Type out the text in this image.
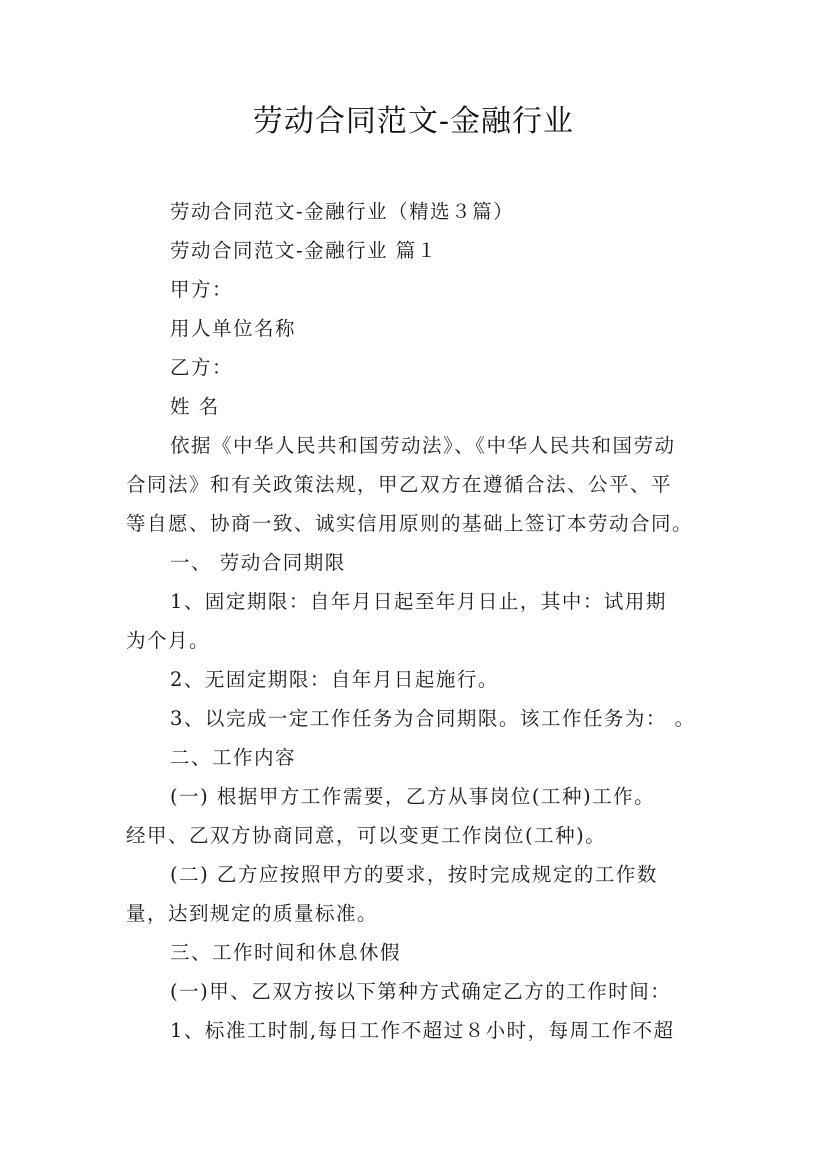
劳动合同范文-金融行业
劳动合同范文-金融行业（精选３篇）
劳动合同范文-金融行业 篇１
甲方：
用人单位名称
乙方：
姓 名
依据《中华人民共和国劳动法》、《中华人民共和国劳动
合同法》和有关政策法规，甲乙双方在遵循合法、公平、平
等自愿、协商一致、诚实信用原则的基础上签订本劳动合同。
一、 劳动合同期限
1、固定期限：自年月日起至年月日止，其中：试用期
为个月。
2、无固定期限：自年月日起施行。
3、以完成一定工作任务为合同期限。该工作任务为： 。
二、工作内容
(一) 根据甲方工作需要，乙方从事岗位(工种)工作。
经甲、乙双方协商同意，可以变更工作岗位(工种)。
(二) 乙方应按照甲方的要求，按时完成规定的工作数
量，达到规定的质量标准。
三、工作时间和休息休假
(一)甲、乙双方按以下第种方式确定乙方的工作时间：
1、标准工时制,每日工作不超过８小时，每周工作不超
